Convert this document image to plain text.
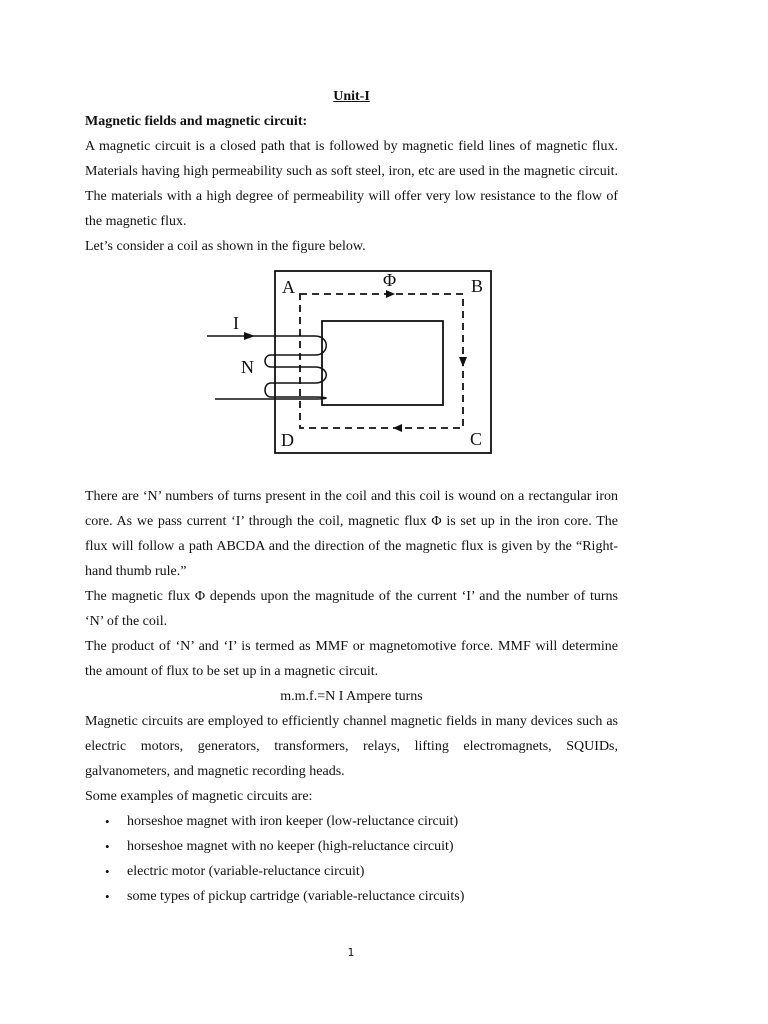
Unit-I
Magnetic fields and magnetic circuit:

A magnetic circuit is a closed path that is followed by magnetic field lines of magnetic flux. Materials having high permeability such as soft steel, iron, etc are used in the magnetic circuit. The materials with a high degree of permeability will offer very low resistance to the flow of the magnetic flux.

Let’s consider a coil as shown in the figure below.

A	B
C
D
Φ
I
N

There are ‘N’ numbers of turns present in the coil and this coil is wound on a rectangular iron core. As we pass current ‘I’ through the coil, magnetic flux Φ is set up in the iron core. The flux will follow a path ABCDA and the direction of the magnetic flux is given by the “Right-hand thumb rule.”

The magnetic flux Φ depends upon the magnitude of the current ‘I’ and the number of turns ‘N’ of the coil.

The product of ‘N’ and ‘I’ is termed as MMF or magnetomotive force. MMF will determine the amount of flux to be set up in a magnetic circuit.

m.m.f.=N I Ampere turns

Magnetic circuits are employed to efficiently channel magnetic fields in many devices such as electric motors, generators, transformers, relays, lifting electromagnets, SQUIDs, galvanometers, and magnetic recording heads.

Some examples of magnetic circuits are:

• horseshoe magnet with iron keeper (low-reluctance circuit)
• horseshoe magnet with no keeper (high-reluctance circuit)
• electric motor (variable-reluctance circuit)
• some types of pickup cartridge (variable-reluctance circuits)
1
